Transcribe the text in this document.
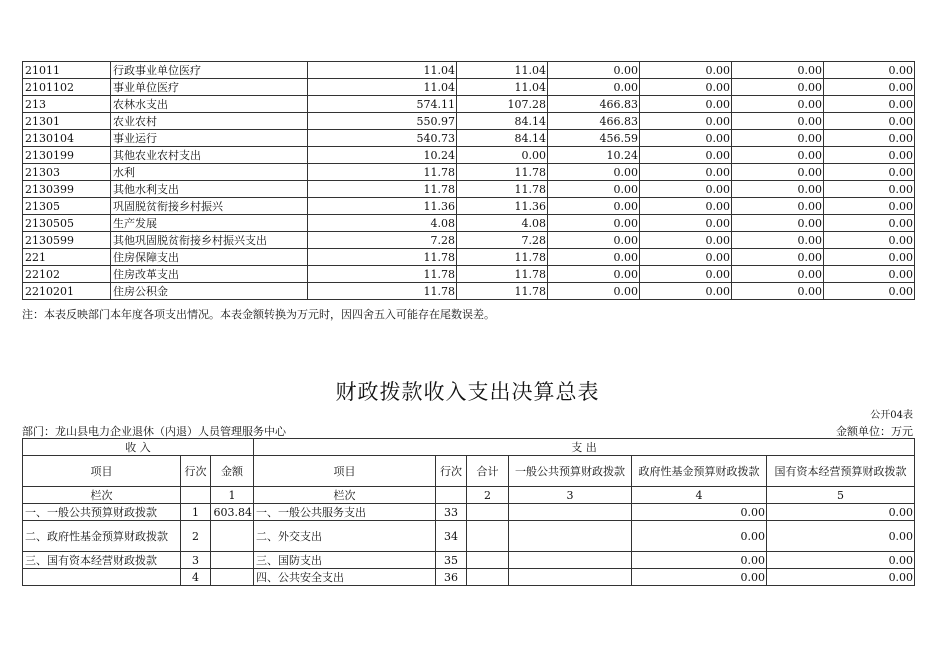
21011	行政事业单位医疗	11.04	11.04	0.00	0.00	0.00	0.00
2101102	事业单位医疗	11.04	11.04	0.00	0.00	0.00	0.00
213	农林水支出	574.11	107.28	466.83	0.00	0.00	0.00
21301	农业农村	550.97	84.14	466.83	0.00	0.00	0.00
2130104	事业运行	540.73	84.14	456.59	0.00	0.00	0.00
2130199	其他农业农村支出	10.24	0.00	10.24	0.00	0.00	0.00
21303	水利	11.78	11.78	0.00	0.00	0.00	0.00
2130399	其他水利支出	11.78	11.78	0.00	0.00	0.00	0.00
21305	巩固脱贫衔接乡村振兴	11.36	11.36	0.00	0.00	0.00	0.00
2130505	生产发展	4.08	4.08	0.00	0.00	0.00	0.00
2130599	其他巩固脱贫衔接乡村振兴支出	7.28	7.28	0.00	0.00	0.00	0.00
221	住房保障支出	11.78	11.78	0.00	0.00	0.00	0.00
22102	住房改革支出	11.78	11.78	0.00	0.00	0.00	0.00
2210201	住房公积金	11.78	11.78	0.00	0.00	0.00	0.00
注：本表反映部门本年度各项支出情况。本表金额转换为万元时，因四舍五入可能存在尾数误差。
财政拨款收入支出决算总表
公开04表
部门：龙山县电力企业退休（内退）人员管理服务中心	金额单位：万元
收 入			支 出					
项目	行次	金额	项目	行次	合计	一般公共预算财政拨款	政府性基金预算财政拨款	国有资本经营预算财政拨款
栏次		1	栏次		2	3	4	5
一、一般公共预算财政拨款	1	603.84	一、一般公共服务支出	33			0.00	0.00
二、政府性基金预算财政拨款	2		二、外交支出	34			0.00	0.00
三、国有资本经营财政拨款	3		三、国防支出	35			0.00	0.00
	4		四、公共安全支出	36			0.00	0.00
